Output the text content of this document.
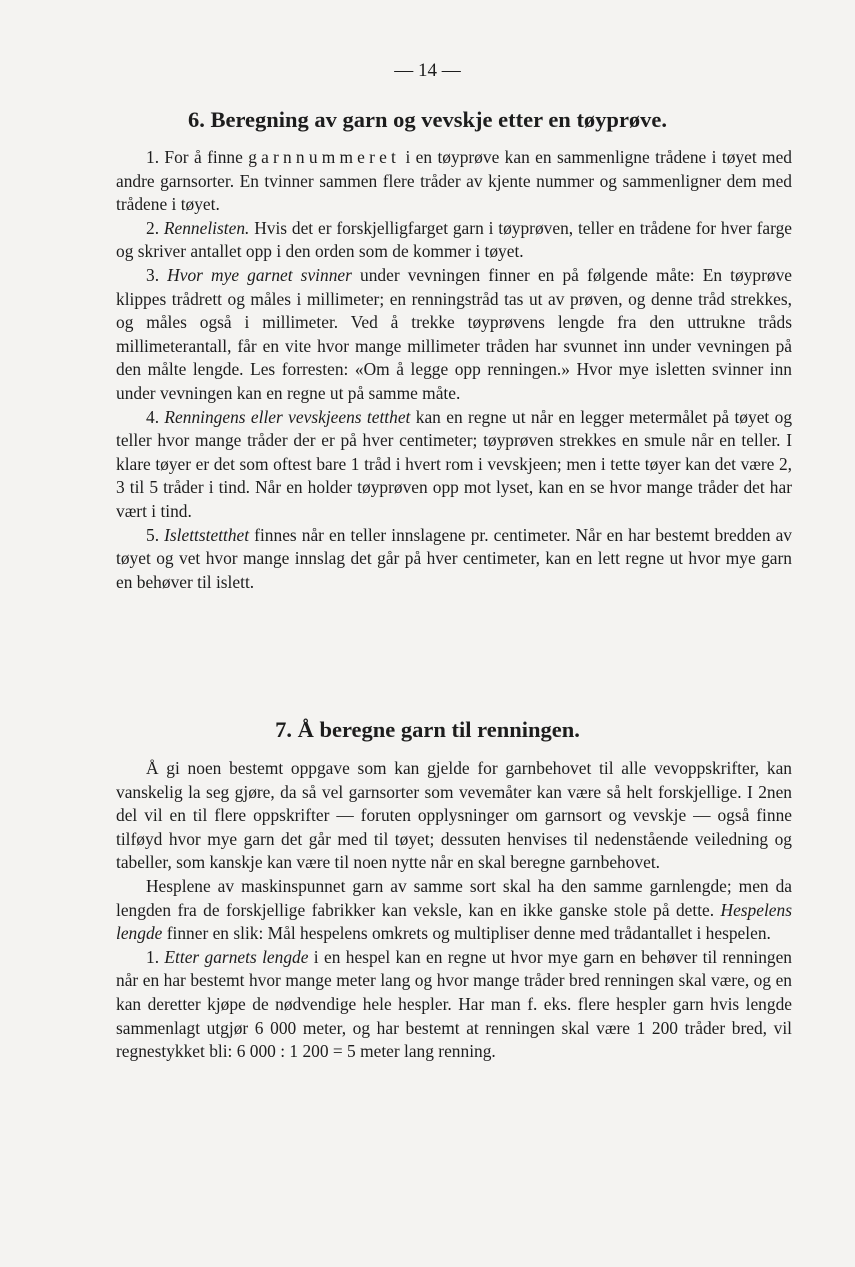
— 14 —
6. Beregning av garn og vevskje etter en tøyprøve.

1. For å finne garnnummeret i en tøyprøve kan en sammenligne trådene i tøyet med andre garnsorter. En tvinner sammen flere tråder av kjente nummer og sammenligner dem med trådene i tøyet.

2. Rennelisten. Hvis det er forskjelligfarget garn i tøyprøven, teller en trådene for hver farge og skriver antallet opp i den orden som de kommer i tøyet.

3. Hvor mye garnet svinner under vevningen finner en på følgende måte: En tøyprøve klippes trådrett og måles i millimeter; en renningstråd tas ut av prøven, og denne tråd strekkes, og måles også i millimeter. Ved å trekke tøyprøvens lengde fra den uttrukne tråds millimeterantall, får en vite hvor mange millimeter tråden har svunnet inn under vevningen på den målte lengde. Les forresten: «Om å legge opp renningen.» Hvor mye isletten svinner inn under vevningen kan en regne ut på samme måte.

4. Renningens eller vevskjeens tetthet kan en regne ut når en legger metermålet på tøyet og teller hvor mange tråder der er på hver centimeter; tøyprøven strekkes en smule når en teller. I klare tøyer er det som oftest bare 1 tråd i hvert rom i vevskjeen; men i tette tøyer kan det være 2, 3 til 5 tråder i tind. Når en holder tøyprøven opp mot lyset, kan en se hvor mange tråder det har vært i tind.

5. Islettstetthet finnes når en teller innslagene pr. centimeter. Når en har bestemt bredden av tøyet og vet hvor mange innslag det går på hver centimeter, kan en lett regne ut hvor mye garn en behøver til islett.

7. Å beregne garn til renningen.

Å gi noen bestemt oppgave som kan gjelde for garnbehovet til alle vevoppskrifter, kan vanskelig la seg gjøre, da så vel garnsorter som vevemåter kan være så helt forskjellige. I 2nen del vil en til flere oppskrifter — foruten opplysninger om garnsort og vevskje — også finne tilføyd hvor mye garn det går med til tøyet; dessuten henvises til nedenstående veiledning og tabeller, som kanskje kan være til noen nytte når en skal beregne garnbehovet.

Hesplene av maskinspunnet garn av samme sort skal ha den samme garnlengde; men da lengden fra de forskjellige fabrikker kan veksle, kan en ikke ganske stole på dette. Hespelens lengde finner en slik: Mål hespelens omkrets og multipliser denne med trådantallet i hespelen.

1. Etter garnets lengde i en hespel kan en regne ut hvor mye garn en behøver til renningen når en har bestemt hvor mange meter lang og hvor mange tråder bred renningen skal være, og en kan deretter kjøpe de nødvendige hele hespler. Har man f. eks. flere hespler garn hvis lengde sammenlagt utgjør 6 000 meter, og har bestemt at renningen skal være 1 200 tråder bred, vil regnestykket bli: 6 000 : 1 200 = 5 meter lang renning.
